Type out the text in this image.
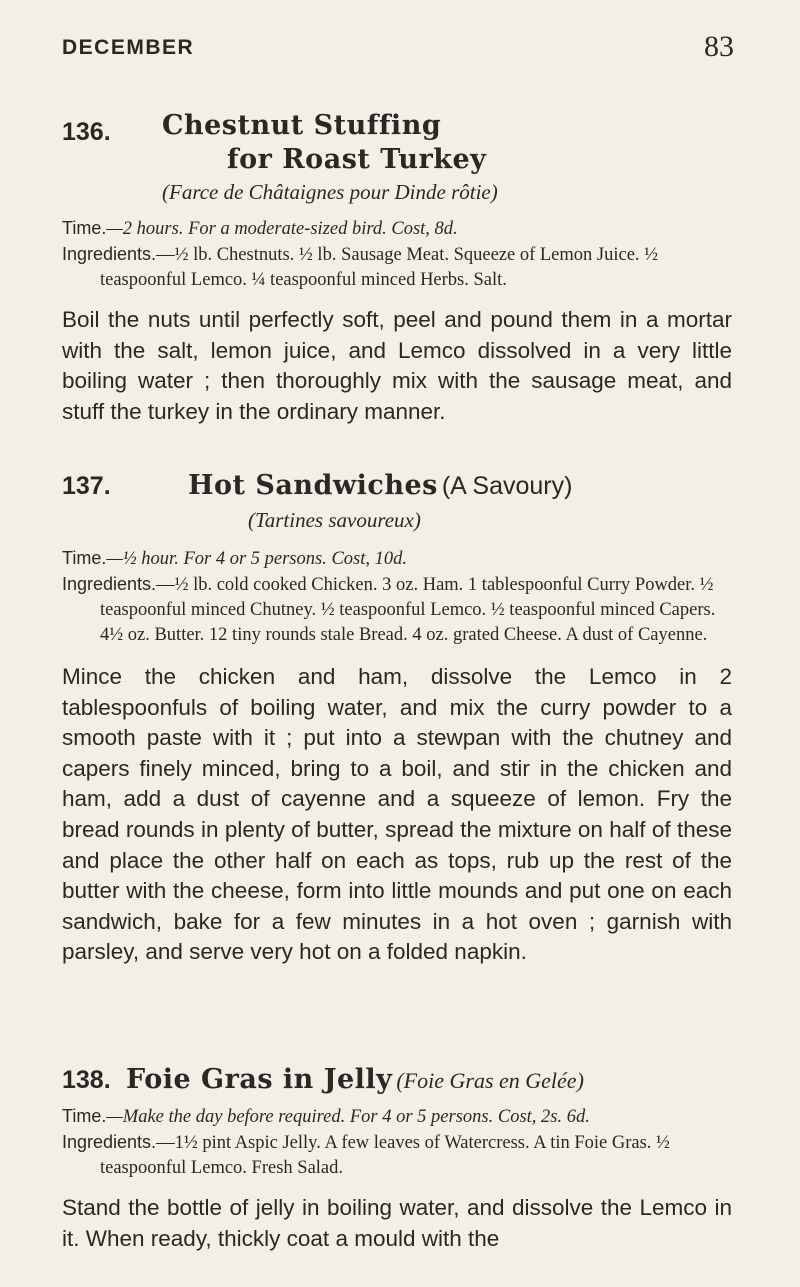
DECEMBER	83
136. Chestnut Stuffing
for Roast Turkey
(Farce de Châtaignes pour Dinde rôtie)
Time.—2 hours. For a moderate-sized bird. Cost, 8d.
Ingredients.—½ lb. Chestnuts. ½ lb. Sausage Meat. Squeeze of Lemon Juice. ½ teaspoonful Lemco. ¼ teaspoonful minced Herbs. Salt.

Boil the nuts until perfectly soft, peel and pound them in a mortar with the salt, lemon juice, and Lemco dissolved in a very little boiling water ; then thoroughly mix with the sausage meat, and stuff the turkey in the ordinary manner.

137.	Hot Sandwiches (A Savoury)
(Tartines savoureux)
Time.—½ hour. For 4 or 5 persons. Cost, 10d.
Ingredients.—½ lb. cold cooked Chicken. 3 oz. Ham. 1 tablespoonful Curry Powder. ½ teaspoonful minced Chutney. ½ teaspoonful Lemco. ½ teaspoonful minced Capers. 4½ oz. Butter. 12 tiny rounds stale Bread. 4 oz. grated Cheese. A dust of Cayenne.

Mince the chicken and ham, dissolve the Lemco in 2 tablespoonfuls of boiling water, and mix the curry powder to a smooth paste with it ; put into a stewpan with the chutney and capers finely minced, bring to a boil, and stir in the chicken and ham, add a dust of cayenne and a squeeze of lemon. Fry the bread rounds in plenty of butter, spread the mixture on half of these and place the other half on each as tops, rub up the rest of the butter with the cheese, form into little mounds and put one on each sandwich, bake for a few minutes in a hot oven ; garnish with parsley, and serve very hot on a folded napkin.

138. Foie Gras in Jelly (Foie Gras en Gelée)
Time.—Make the day before required. For 4 or 5 persons. Cost, 2s. 6d.
Ingredients.—1½ pint Aspic Jelly. A few leaves of Watercress. A tin Foie Gras. ½ teaspoonful Lemco. Fresh Salad.

Stand the bottle of jelly in boiling water, and dissolve the Lemco in it. When ready, thickly coat a mould with the
